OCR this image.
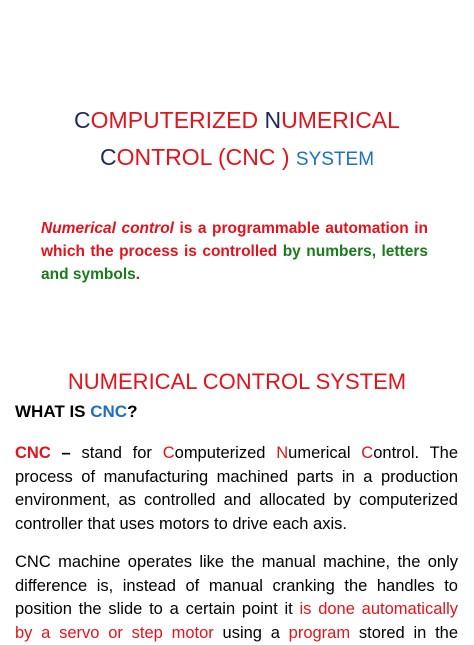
COMPUTERIZED NUMERICAL
CONTROL (CNC ) SYSTEM
Numerical control is a programmable automation in which the process is controlled by numbers, letters and symbols.
NUMERICAL CONTROL SYSTEM
WHAT IS CNC?
CNC – stand for Computerized Numerical Control. The
process of manufacturing machined parts in a production
environment, as controlled and allocated by computerized
controller that uses motors to drive each axis.
CNC machine operates like the manual machine, the only
difference is, instead of manual cranking the handles to
position the slide to a certain point it is done automatically
by a servo or step motor using a program stored in the
